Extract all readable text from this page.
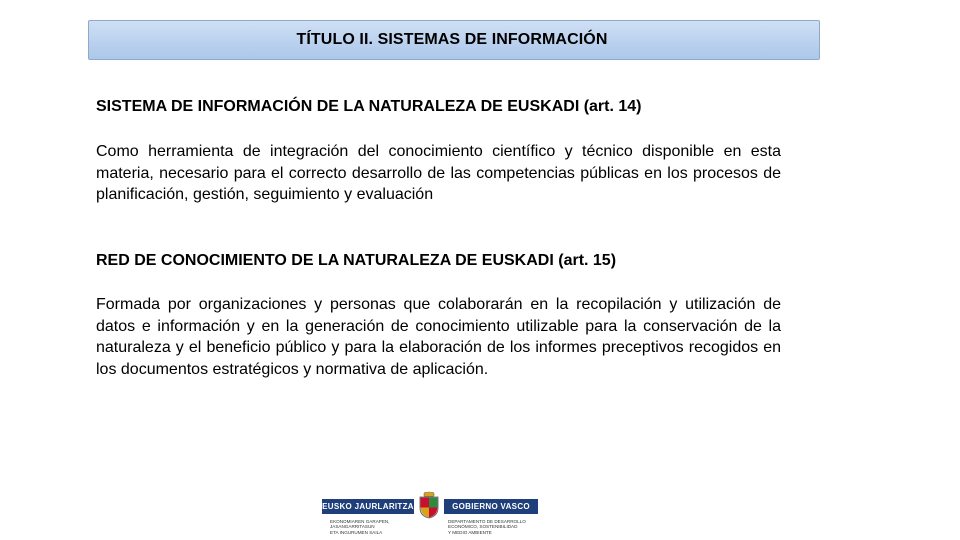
TÍTULO II. SISTEMAS DE INFORMACIÓN

SISTEMA DE INFORMACIÓN DE LA NATURALEZA DE EUSKADI (art. 14)

Como herramienta de integración del conocimiento científico y técnico disponible en esta materia, necesario para el correcto desarrollo de las competencias públicas en los procesos de planificación, gestión, seguimiento y evaluación

RED DE CONOCIMIENTO DE LA NATURALEZA DE EUSKADI (art. 15)

Formada por organizaciones y personas que colaborarán en la recopilación y utilización de datos e información y en la generación de conocimiento utilizable para la conservación de la naturaleza y el beneficio público y para la elaboración de los informes preceptivos recogidos en los documentos estratégicos y normativa de aplicación.

EUSKO JAURLARITZA	GOBIERNO VASCO
EKONOMIAREN GARAPEN,
JASANGARRITASUN
ETA INGURUMEN SAILA
DEPARTAMENTO DE DESARROLLO
ECONÓMICO, SOSTENIBILIDAD
Y MEDIO AMBIENTE
